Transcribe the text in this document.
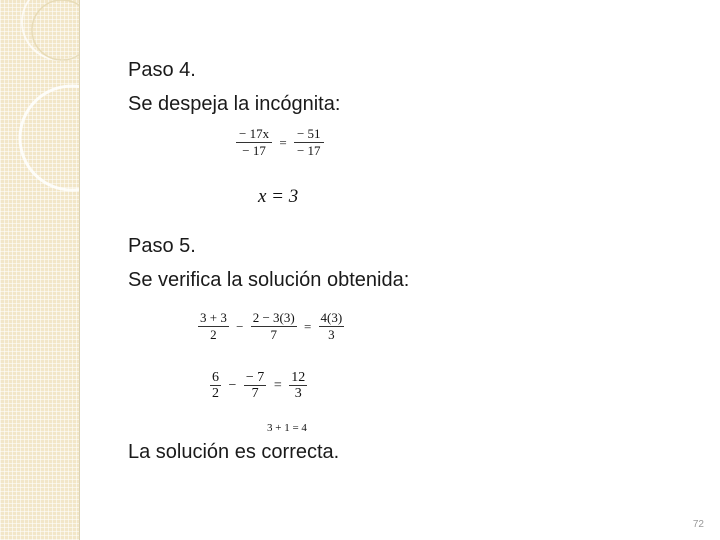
Paso 4.

Se despeja la incógnita:

$\frac{- 17x}{- 17} = \frac{- 51}{- 17}$
x = 3

Paso 5.

Se verifica la solución obtenida:

$\frac{3 + 3}{2} - \frac{2 - 3(3)}{7} = \frac{4(3)}{3}$
$\frac{6}{2} - \frac{- 7}{7} = \frac{12}{3}$
3 + 1 = 4

La solución es correcta.

72
